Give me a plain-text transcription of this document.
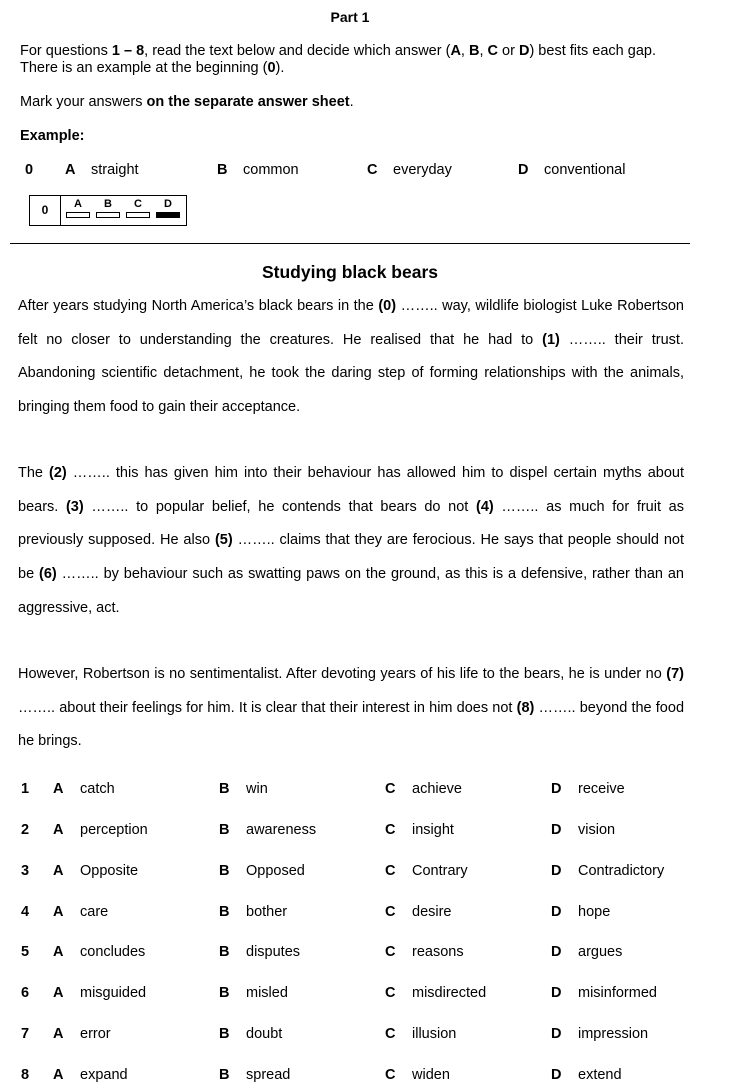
Part 1
For questions 1 – 8, read the text below and decide which answer (A, B, C or D) best fits each gap.
There is an example at the beginning (0).
Mark your answers on the separate answer sheet.
Example:
0 A straight	B common	C everyday	D conventional
0	A	B	C	D
Studying black bears
After years studying North America’s black bears in the (0) …….. way, wildlife biologist Luke Robertson felt no closer to understanding the creatures. He realised that he had to (1) …….. their trust. Abandoning scientific detachment, he took the daring step of forming relationships with the animals, bringing them food to gain their acceptance.
The (2) …….. this has given him into their behaviour has allowed him to dispel certain myths about bears. (3) …….. to popular belief, he contends that bears do not (4) …….. as much for fruit as previously supposed. He also (5) …….. claims that they are ferocious. He says that people should not be (6) …….. by behaviour such as swatting paws on the ground, as this is a defensive, rather than an aggressive, act.
However, Robertson is no sentimentalist. After devoting years of his life to the bears, he is under no (7) …….. about their feelings for him. It is clear that their interest in him does not (8) …….. beyond the food he brings.
1 A catch	B win	C achieve	D receive
2 A perception	B awareness	C insight	D vision
3 A Opposite	B Opposed	C Contrary	D Contradictory
4 A care	B bother	C desire	D hope
5 A concludes	B disputes	C reasons	D argues
6 A misguided	B misled	C misdirected	D misinformed
7 A error	B doubt	C illusion	D impression
8 A expand	B spread	C widen	D extend
